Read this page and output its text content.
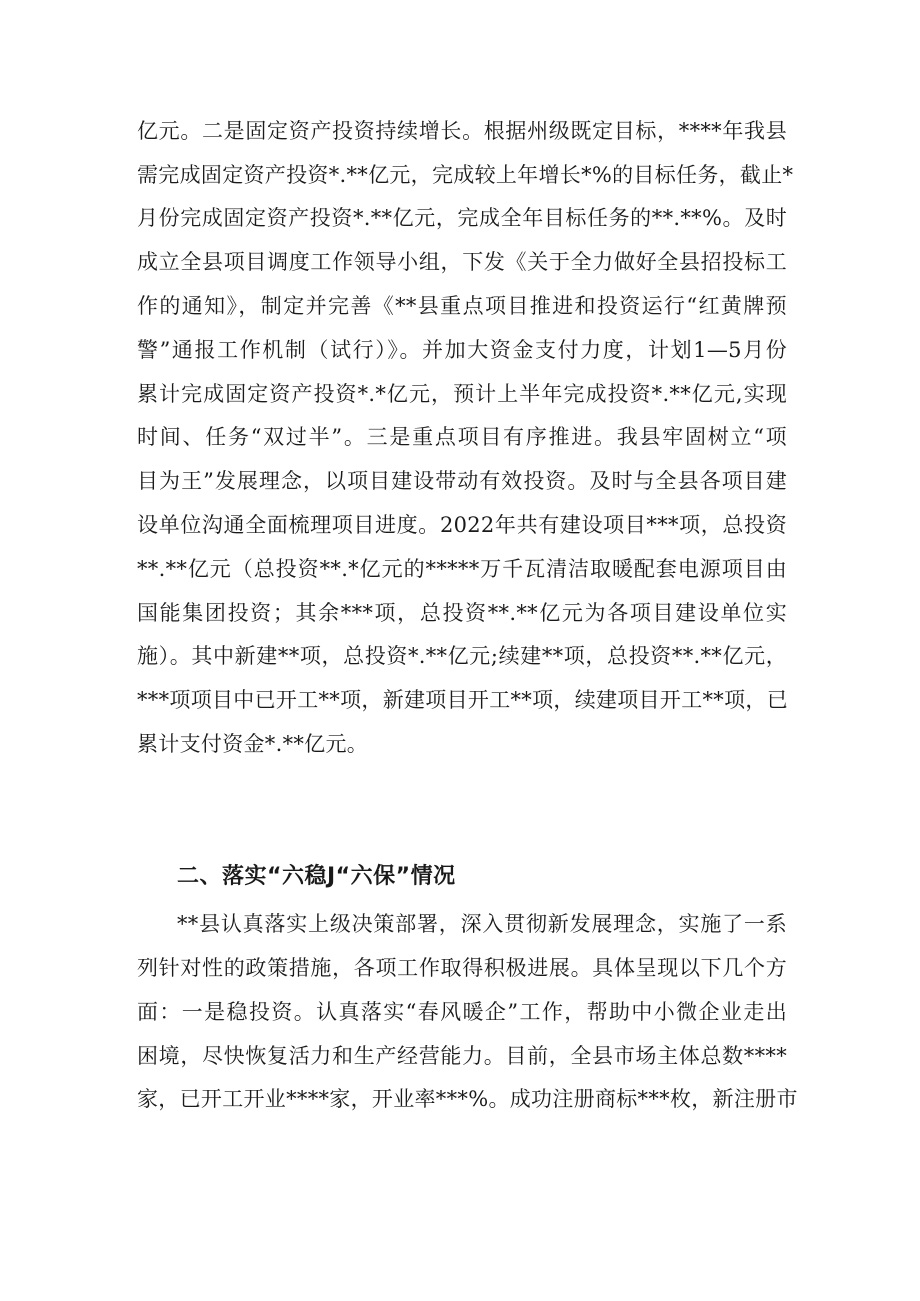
亿元。二是固定资产投资持续增长。根据州级既定目标，****年我县
需完成固定资产投资*.**亿元，完成较上年增长*%的目标任务，截止*
月份完成固定资产投资*.**亿元，完成全年目标任务的**.**%。及时
成立全县项目调度工作领导小组，下发《关于全力做好全县招投标工
作的通知》，制定并完善《**县重点项目推进和投资运行“红黄牌预
警”通报工作机制（试行）》。并加大资金支付力度，计划1—5月份
累计完成固定资产投资*.*亿元，预计上半年完成投资*.**亿元,实现
时间、任务“双过半”。三是重点项目有序推进。我县牢固树立“项
目为王”发展理念，以项目建设带动有效投资。及时与全县各项目建
设单位沟通全面梳理项目进度。2022年共有建设项目***项，总投资
**.**亿元（总投资**.*亿元的*****万千瓦清洁取暖配套电源项目由
国能集团投资；其余***项，总投资**.**亿元为各项目建设单位实
施）。其中新建**项，总投资*.**亿元;续建**项，总投资**.**亿元，
***项项目中已开工**项，新建项目开工**项，续建项目开工**项，已
累计支付资金*.**亿元。
二、落实“六稳J“六保”情况
**县认真落实上级决策部署，深入贯彻新发展理念，实施了一系
列针对性的政策措施，各项工作取得积极进展。具体呈现以下几个方
面：一是稳投资。认真落实“春风暖企”工作，帮助中小微企业走出
困境，尽快恢复活力和生产经营能力。目前，全县市场主体总数****
家，已开工开业****家，开业率***%。成功注册商标***枚，新注册市
